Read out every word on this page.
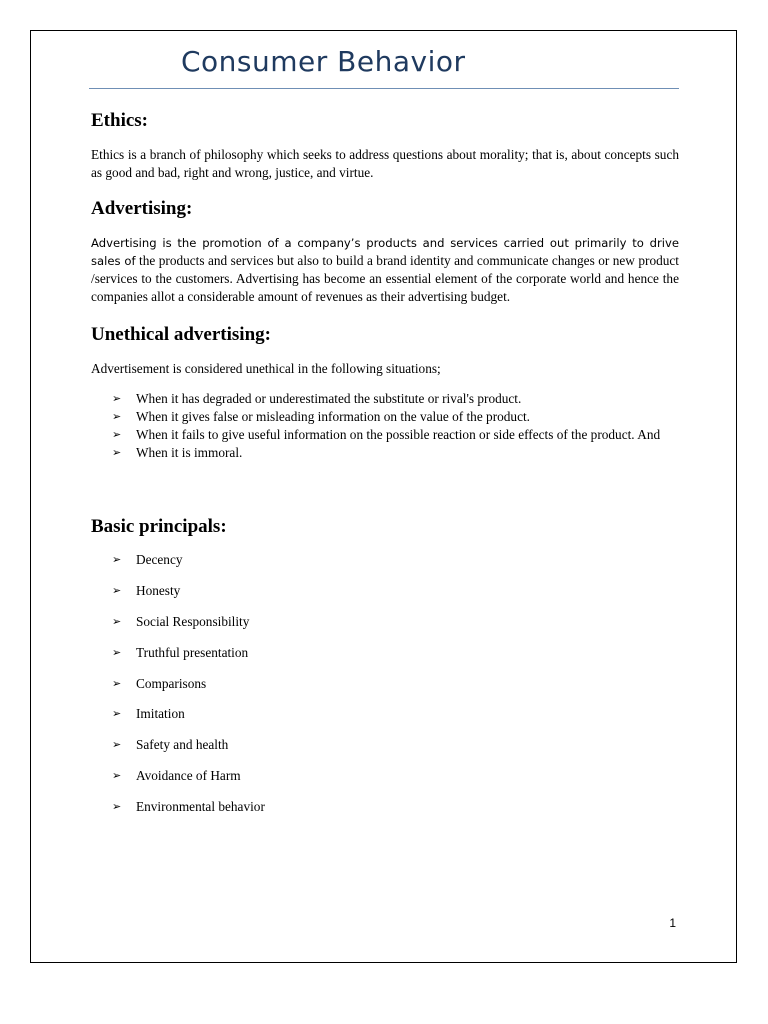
Consumer Behavior
Ethics:

Ethics is a branch of philosophy which seeks to address questions about morality; that is, about concepts such as good and bad, right and wrong, justice, and virtue.

Advertising:

Advertising is the promotion of a company’s products and services carried out primarily to drive sales of the products and services but also to build a brand identity and communicate changes or new product /services to the customers. Advertising has become an essential element of the corporate world and hence the companies allot a considerable amount of revenues as their advertising budget.

Unethical advertising:

Advertisement is considered unethical in the following situations;

➢ When it has degraded or underestimated the substitute or rival's product.
➢ When it gives false or misleading information on the value of the product.
➢ When it fails to give useful information on the possible reaction or side effects of the product. And
➢ When it is immoral.
Basic principals:
➢ Decency
➢ Honesty
➢ Social Responsibility
➢ Truthful presentation
➢ Comparisons
➢ Imitation
➢ Safety and health
➢ Avoidance of Harm
➢ Environmental behavior
1
